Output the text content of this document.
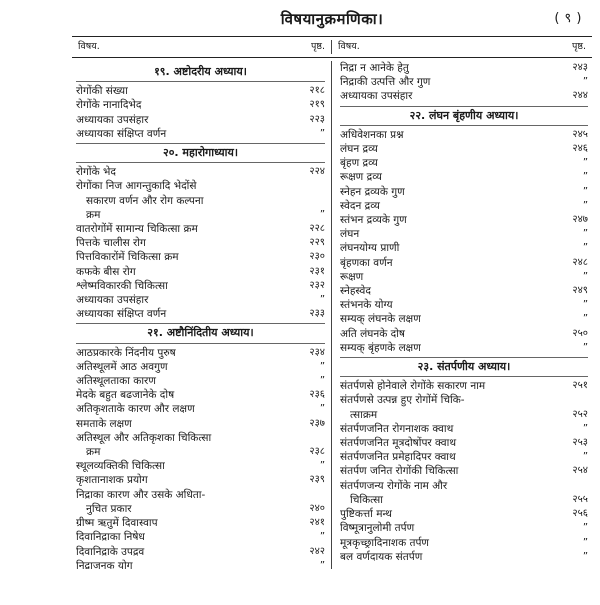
विषयानुक्रमणिका।	( ९ )
विषय.	पृष्ठ. विषय.	पृष्ठ.
१९. अष्टोदरीय अध्याय।
रोगोंकी संख्या	२१८
रोगोंके नानादिभेद	२१९
अध्यायका उपसंहार	२२३
अध्यायका संक्षिप्त वर्णन	”
२०. महारोगाध्याय।
रोगोंके भेद	२२४
रोगोंका निज आगन्तुकादि भेदोंसे
सकारण वर्णन और रोग कल्पना
क्रम	”
वातरोगोंमें सामान्य चिकित्सा क्रम	२२८
पित्तके चालीस रोग	२२९
पित्तविकारोंमें चिकित्सा क्रम	२३०
कफके बीस रोग	२३१
श्लेष्मविकारकी चिकित्सा	२३२
अध्यायका उपसंहार	”
अध्यायका संक्षिप्त वर्णन	२३३
२१. अष्टौनिंदितीय अध्याय।
आठप्रकारके निंदनीय पुरुष	२३४
अतिस्थूलमें आठ अवगुण	”
अतिस्थूलताका कारण	”
मेदके बहुत बढजानेके दोष	२३६
अतिकृशताके कारण और लक्षण	”
समताके लक्षण	२३७
अतिस्थूल और अतिकृशका चिकित्सा
क्रम	२३८
स्थूलव्यक्तिकी चिकित्सा	”
कृशतानाशक प्रयोग	२३९
निद्राका कारण और उसके अधिता-
नुचित प्रकार	२४०
ग्रीष्म ऋतुमें दिवास्वाप	२४१
दिवानिद्राका निषेध	”
दिवानिद्राके उपद्रव	२४२
निद्राजनक योग	”
निद्रा न आनेके हेतु	२४३
निद्राकी उत्पत्ति और गुण	”
अध्यायका उपसंहार	२४४
२२. लंघन बृंहणीय अध्याय।
अधिवेशनका प्रश्न	२४५
लंघन द्रव्य	२४६
बृंहण द्रव्य	”
रूक्षण द्रव्य	”
स्नेहन द्रव्यके गुण	”
स्वेदन द्रव्य	”
स्तंभन द्रव्यके गुण	२४७
लंघन	”
लंघनयोग्य प्राणी	”
बृंहणका वर्णन	२४८
रूक्षण	”
स्नेहस्वेद	२४९
स्तंभनके योग्य	”
सम्यक् लंघनके लक्षण	”
अति लंघनके दोष	२५०
सम्यक् बृंहणके लक्षण	”
२३. संतर्पणीय अध्याय।
संतर्पणसे होनेवाले रोगोंके सकारण नाम	२५१
संतर्पणसे उत्पन्न हुए रोगोंमें चिकि-
त्साक्रम	२५२
संतर्पणजनित रोगनाशक क्वाथ	”
संतर्पणजनित मूत्रदोषोंपर क्वाथ	२५३
संतर्पणजनित प्रमेहादिपर क्वाथ	”
संतर्पण जनित रोगोंकी चिकित्सा	२५४
संतर्पणजन्य रोगोंके नाम और
चिकित्सा	२५५
पुष्टिकर्त्ता मन्थ	२५६
विष्मूत्रानुलोमी तर्पण	”
मूत्रकृच्छ्रादिनाशक तर्पण	”
बल वर्णदायक संतर्पण	”
